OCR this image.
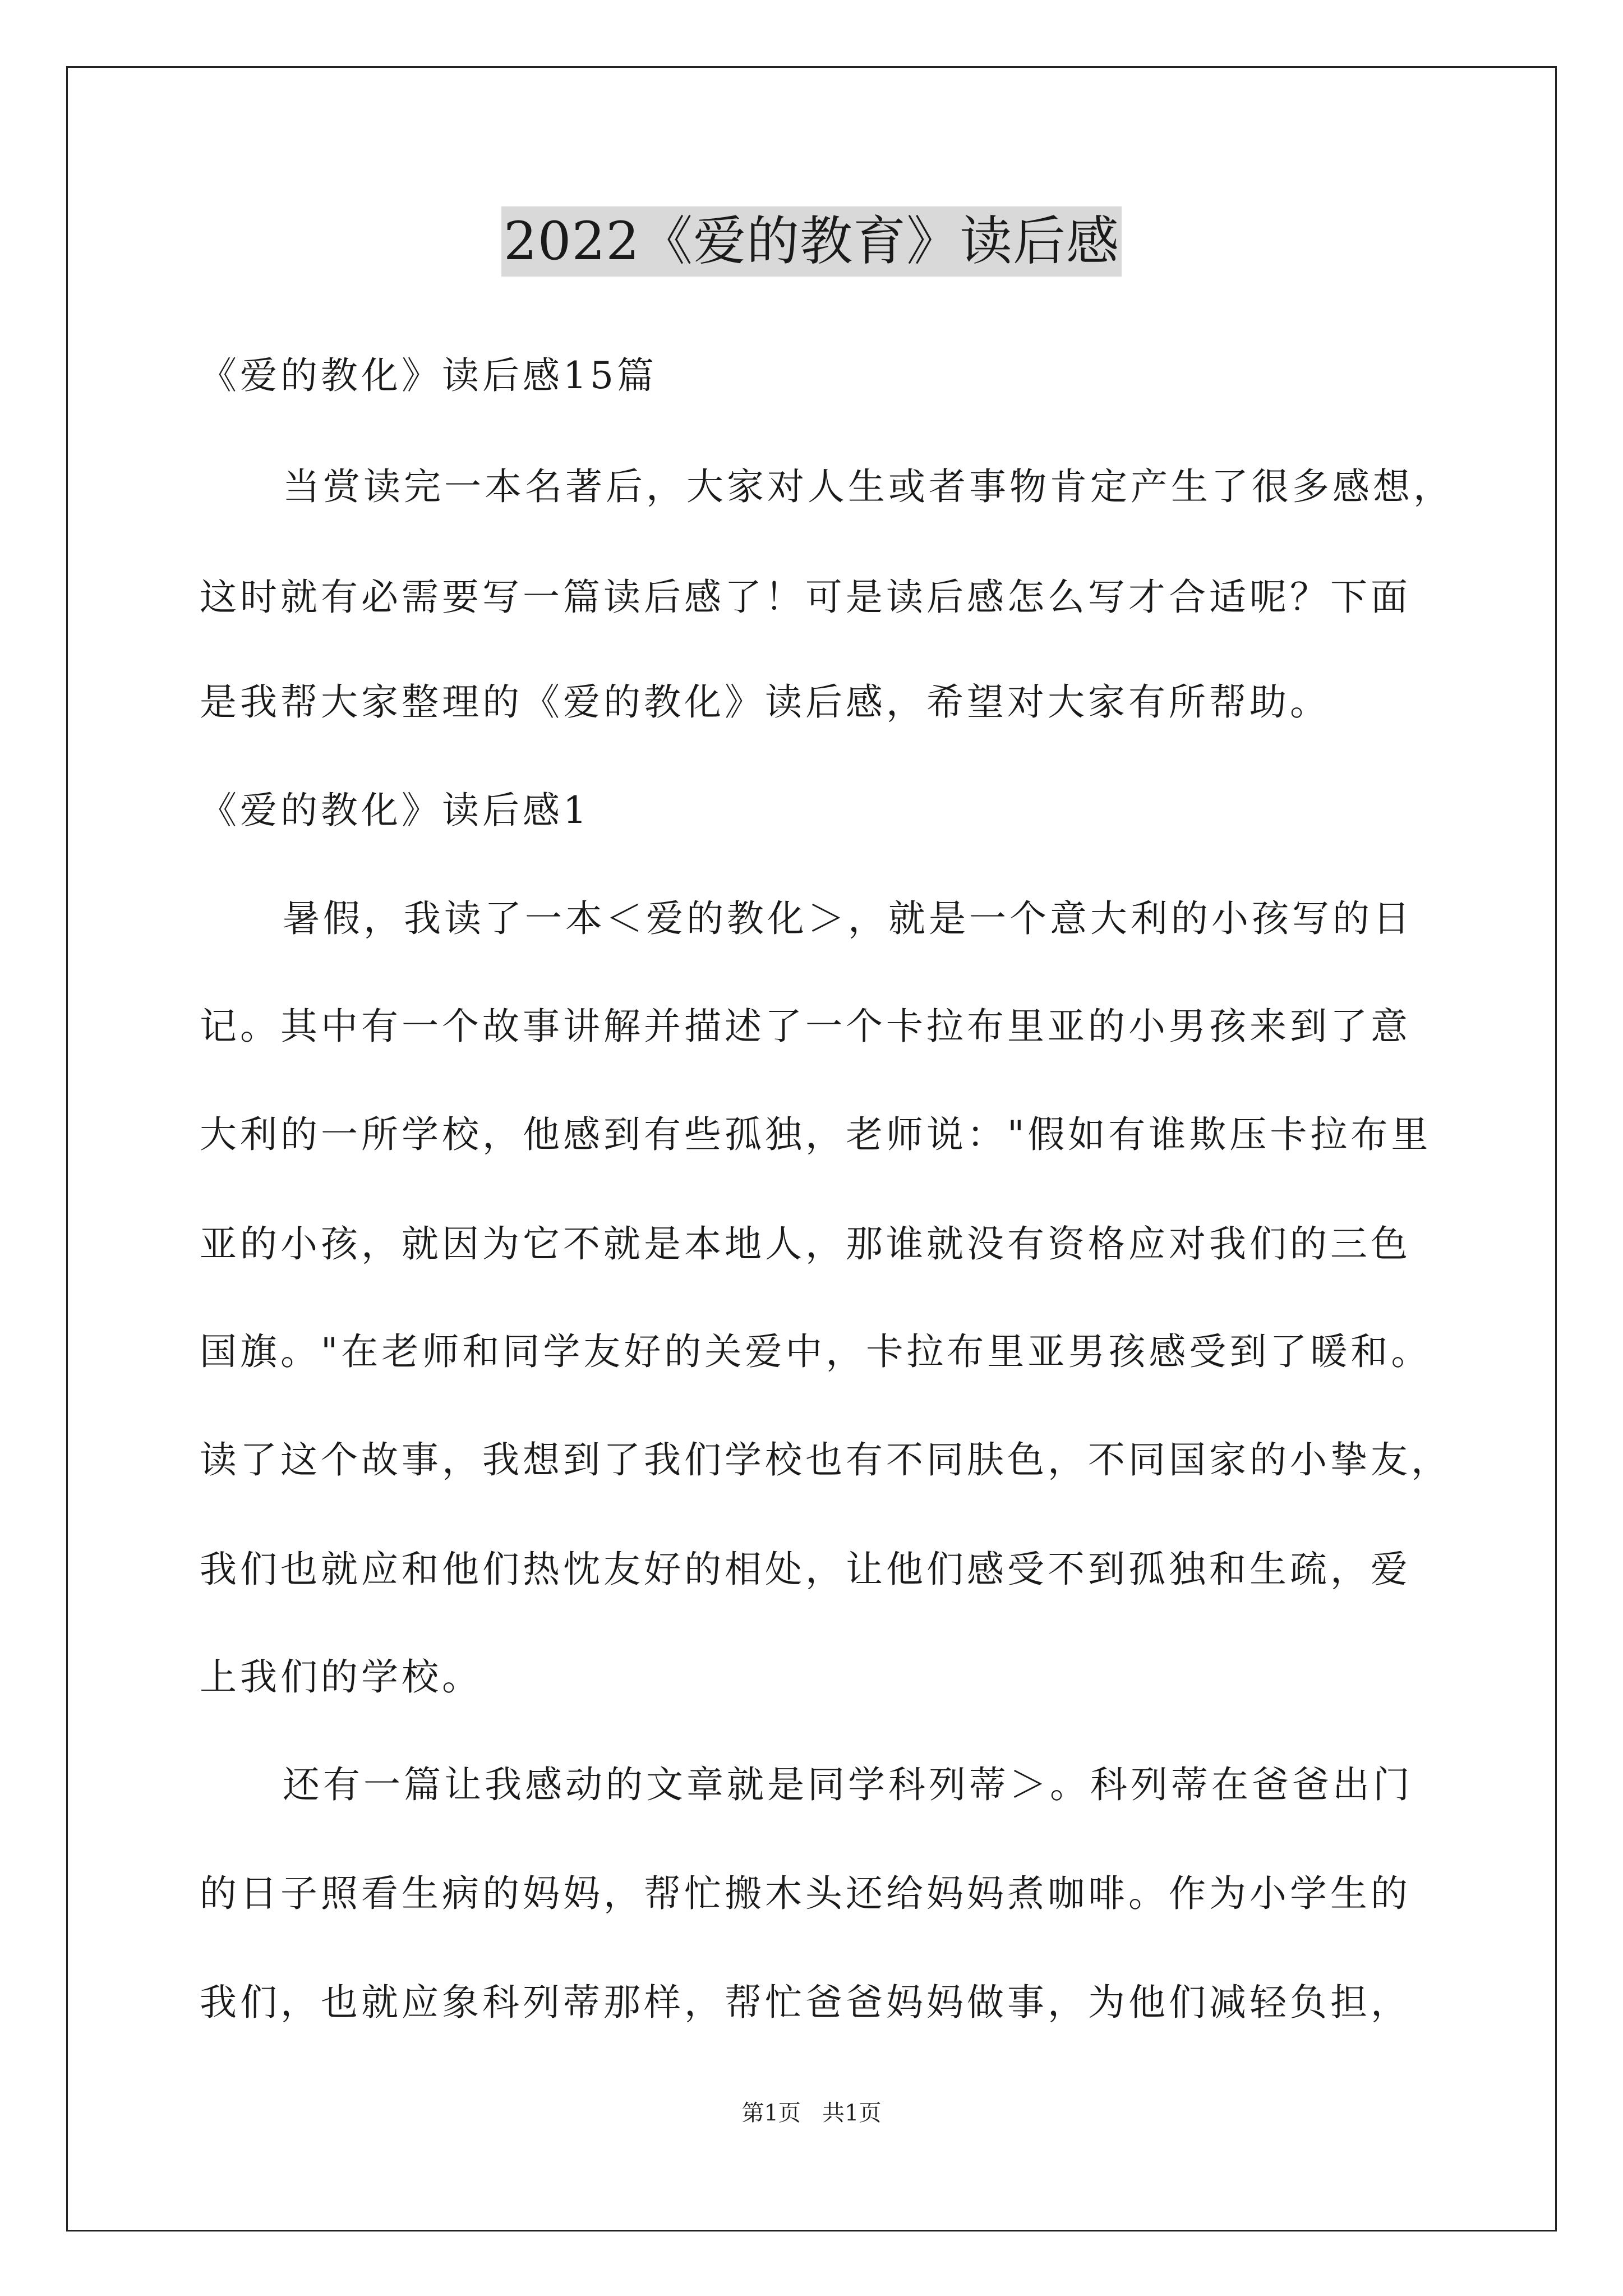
2022《爱的教育》读后感
《爱的教化》读后感15篇
当赏读完一本名著后，大家对人生或者事物肯定产生了很多感想，
这时就有必需要写一篇读后感了！可是读后感怎么写才合适呢？下面
是我帮大家整理的《爱的教化》读后感，希望对大家有所帮助。
《爱的教化》读后感1
暑假，我读了一本＜爱的教化＞，就是一个意大利的小孩写的日
记。其中有一个故事讲解并描述了一个卡拉布里亚的小男孩来到了意
大利的一所学校，他感到有些孤独，老师说："假如有谁欺压卡拉布里
亚的小孩，就因为它不就是本地人，那谁就没有资格应对我们的三色
国旗。"在老师和同学友好的关爱中，卡拉布里亚男孩感受到了暖和。
读了这个故事，我想到了我们学校也有不同肤色，不同国家的小挚友，
我们也就应和他们热忱友好的相处，让他们感受不到孤独和生疏，爱
上我们的学校。
还有一篇让我感动的文章就是同学科列蒂＞。科列蒂在爸爸出门
的日子照看生病的妈妈，帮忙搬木头还给妈妈煮咖啡。作为小学生的
我们，也就应象科列蒂那样，帮忙爸爸妈妈做事，为他们减轻负担，
第1页   共1页
